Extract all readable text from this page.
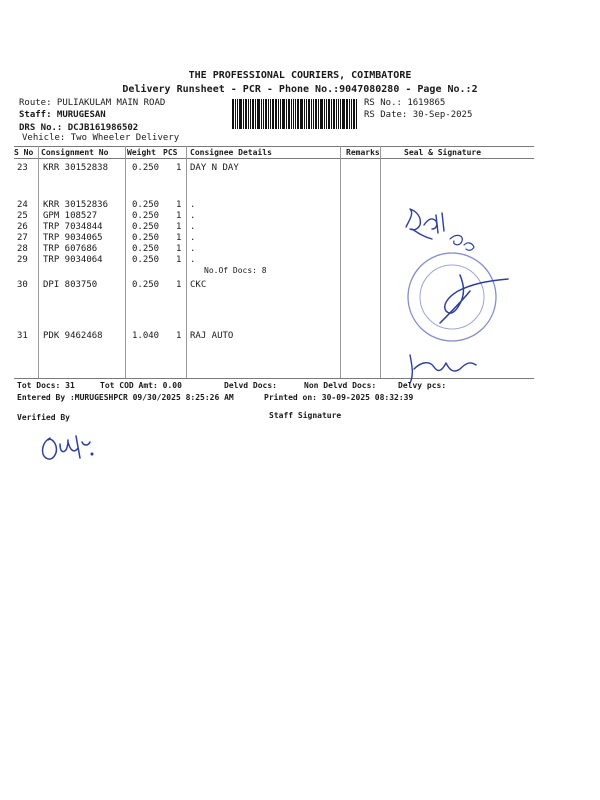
THE PROFESSIONAL COURIERS, COIMBATORE
Delivery Runsheet - PCR - Phone No.:9047080280 - Page No.:2
Route: PULIAKULAM MAIN ROAD
Staff: MURUGESAN
DRS No.: DCJB161986502
Vehicle: Two Wheeler Delivery
RS No.: 1619865
RS Date: 30-Sep-2025
S No Consignment No Weight PCS Consignee Details	Remarks	Seal & Signature
23 KRR 30152838	0.250 1 DAY N DAY
24 KRR 30152836	0.250 1 .
25 GPM 108527	0.250 1 .
26 TRP 7034844	0.250 1 .
27 TRP 9034065	0.250 1 .
28 TRP 607686	0.250 1 .
29 TRP 9034064	0.250 1 .
No.Of Docs: 8
30 DPI 803750	0.250 1 CKC
31 PDK 9462468	1.040 1 RAJ AUTO
Tot Docs: 31	Tot COD Amt: 0.00	Delvd Docs:	Non Delvd Docs:	Delvy pcs:
Entered By :MURUGESHPCR 09/30/2025 8:25:26 AM	Printed on: 30-09-2025 08:32:39
Verified By	Staff Signature
